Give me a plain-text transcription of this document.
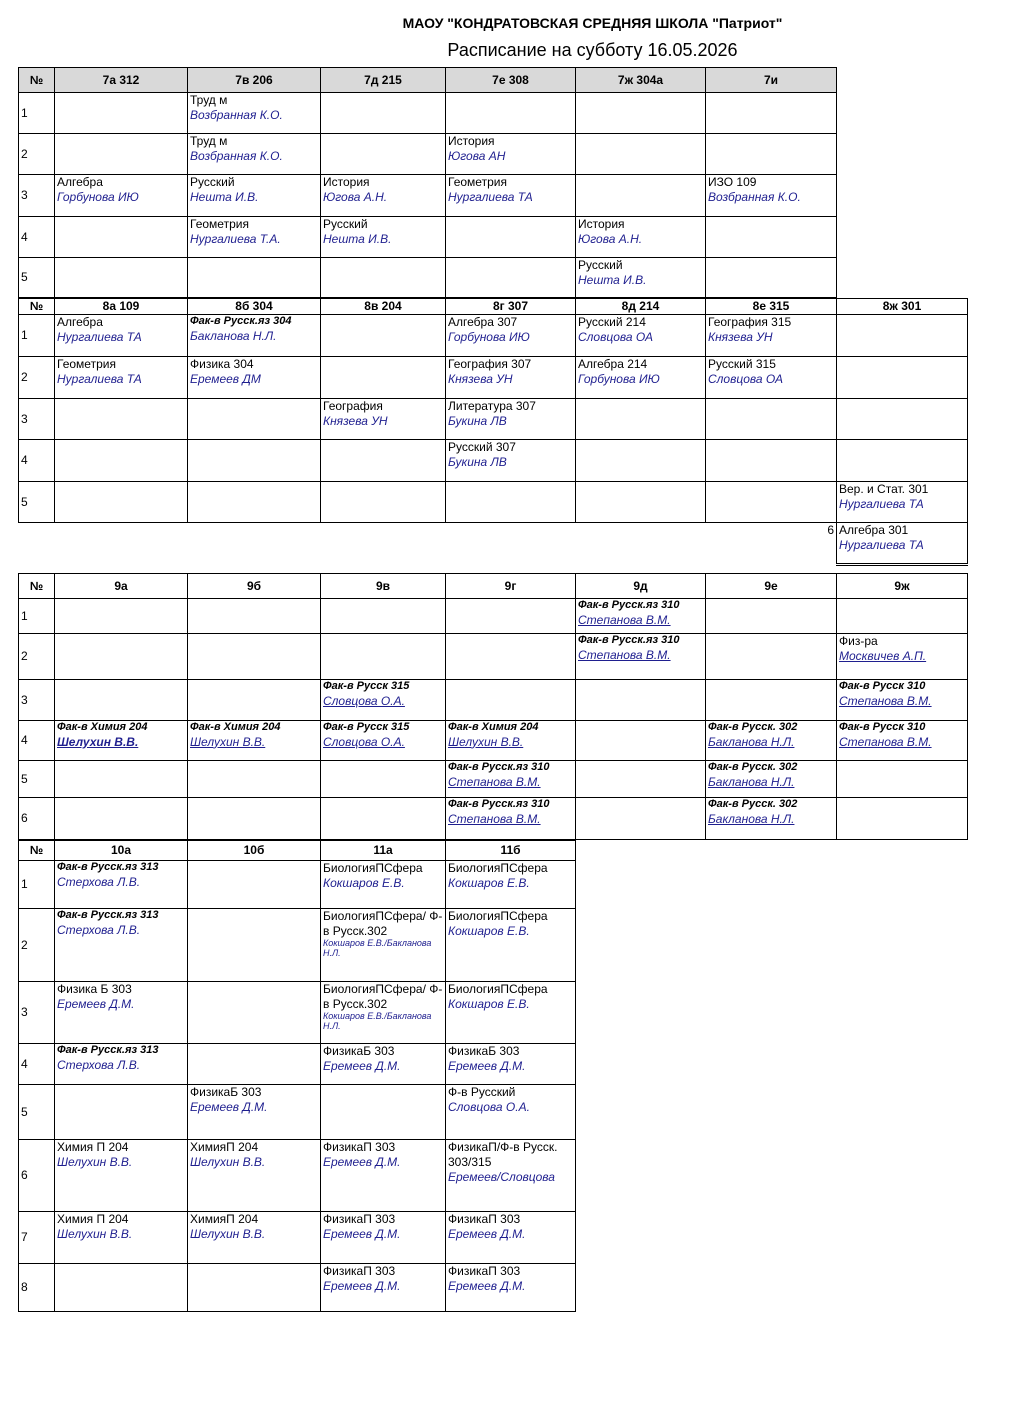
МАОУ "КОНДРАТОВСКАЯ СРЕДНЯЯ ШКОЛА "Патриот"
Расписание на субботу 16.05.2026
№	7а 312	7в 206	7д 215	7е 308	7ж 304а	7и
1		Труд м
Возбранная К.О.				

2		Труд м
Возбранная К.О.		История
Югова АН		

3	Алгебра
Горбунова ИЮ	Русский
Нешта И.В.	История
Югова А.Н.	Геометрия
Нургалиева ТА		ИЗО 109
Возбранная К.О.

4		Геометрия
Нургалиева Т.А.	Русский
Нешта И.В.		История
Югова А.Н.	

5					Русский
Нешта И.В.	

№	8а 109	8б 304	8в 204	8г 307	8д 214	8е 315	8ж 301
1	Алгебра
Нургалиева ТА	Фак-в Русск.яз 304
Бакланова Н.Л.		Алгебра 307
Горбунова ИЮ	Русский 214
Словцова ОА	География 315
Князева УН	

2	Геометрия
Нургалиева ТА	Физика 304
Еремеев ДМ		География 307
Князева УН	Алгебра 214
Горбунова ИЮ	Русский 315
Словцова ОА	

3			География
Князева УН	Литература 307
Букина ЛВ			

4				Русский 307
Букина ЛВ			

5							Вер. и Стат. 301
Нургалиева ТА

						6	Алгебра 301
Нургалиева ТА
№	9а	9б	9в	9г	9д	9е	9ж
1					Фак-в Русск.яз 310
Степанова В.М.		

2					Фак-в Русск.яз 310
Степанова В.М.		Физ-ра
Москвичев А.П.

3			Фак-в Русск 315
Словцова О.А.				Фак-в Русск 310
Степанова В.М.

4	Фак-в Химия 204
Шелухин В.В.	Фак-в Химия 204
Шелухин В.В.	Фак-в Русск 315
Словцова О.А.	Фак-в Химия 204
Шелухин В.В.		Фак-в Русск. 302
Бакланова Н.Л.	Фак-в Русск 310
Степанова В.М.

5				Фак-в Русск.яз 310
Степанова В.М.		Фак-в Русск. 302
Бакланова Н.Л.	

6				Фак-в Русск.яз 310
Степанова В.М.		Фак-в Русск. 302
Бакланова Н.Л.	

№	10а	10б	11а	11б
1	Фак-в Русск.яз 313
Стерхова Л.В.		БиологияПСфера
Кокшаров Е.В.	БиологияПСфера
Кокшаров Е.В.

2	Фак-в Русск.яз 313
Стерхова Л.В.		БиологияПСфера/ Ф-в Русск.302
Кокшаров Е.В./Бакланова Н.Л.	БиологияПСфера
Кокшаров Е.В.

3	Физика Б 303
Еремеев Д.М.		БиологияПСфера/ Ф-в Русск.302
Кокшаров Е.В./Бакланова Н.Л.	БиологияПСфера
Кокшаров Е.В.

4	Фак-в Русск.яз 313
Стерхова Л.В.		ФизикаБ 303
Еремеев Д.М.	ФизикаБ 303
Еремеев Д.М.

5		ФизикаБ 303
Еремеев Д.М.		Ф-в Русский
Словцова О.А.

6	Химия П 204
Шелухин В.В.	ХимияП 204
Шелухин В.В.	ФизикаП 303
Еремеев Д.М.	ФизикаП/Ф-в Русск. 303/315
Еремеев/Словцова

7	Химия П 204
Шелухин В.В.	ХимияП 204
Шелухин В.В.	ФизикаП 303
Еремеев Д.М.	ФизикаП 303
Еремеев Д.М.

8			ФизикаП 303
Еремеев Д.М.	ФизикаП 303
Еремеев Д.М.
